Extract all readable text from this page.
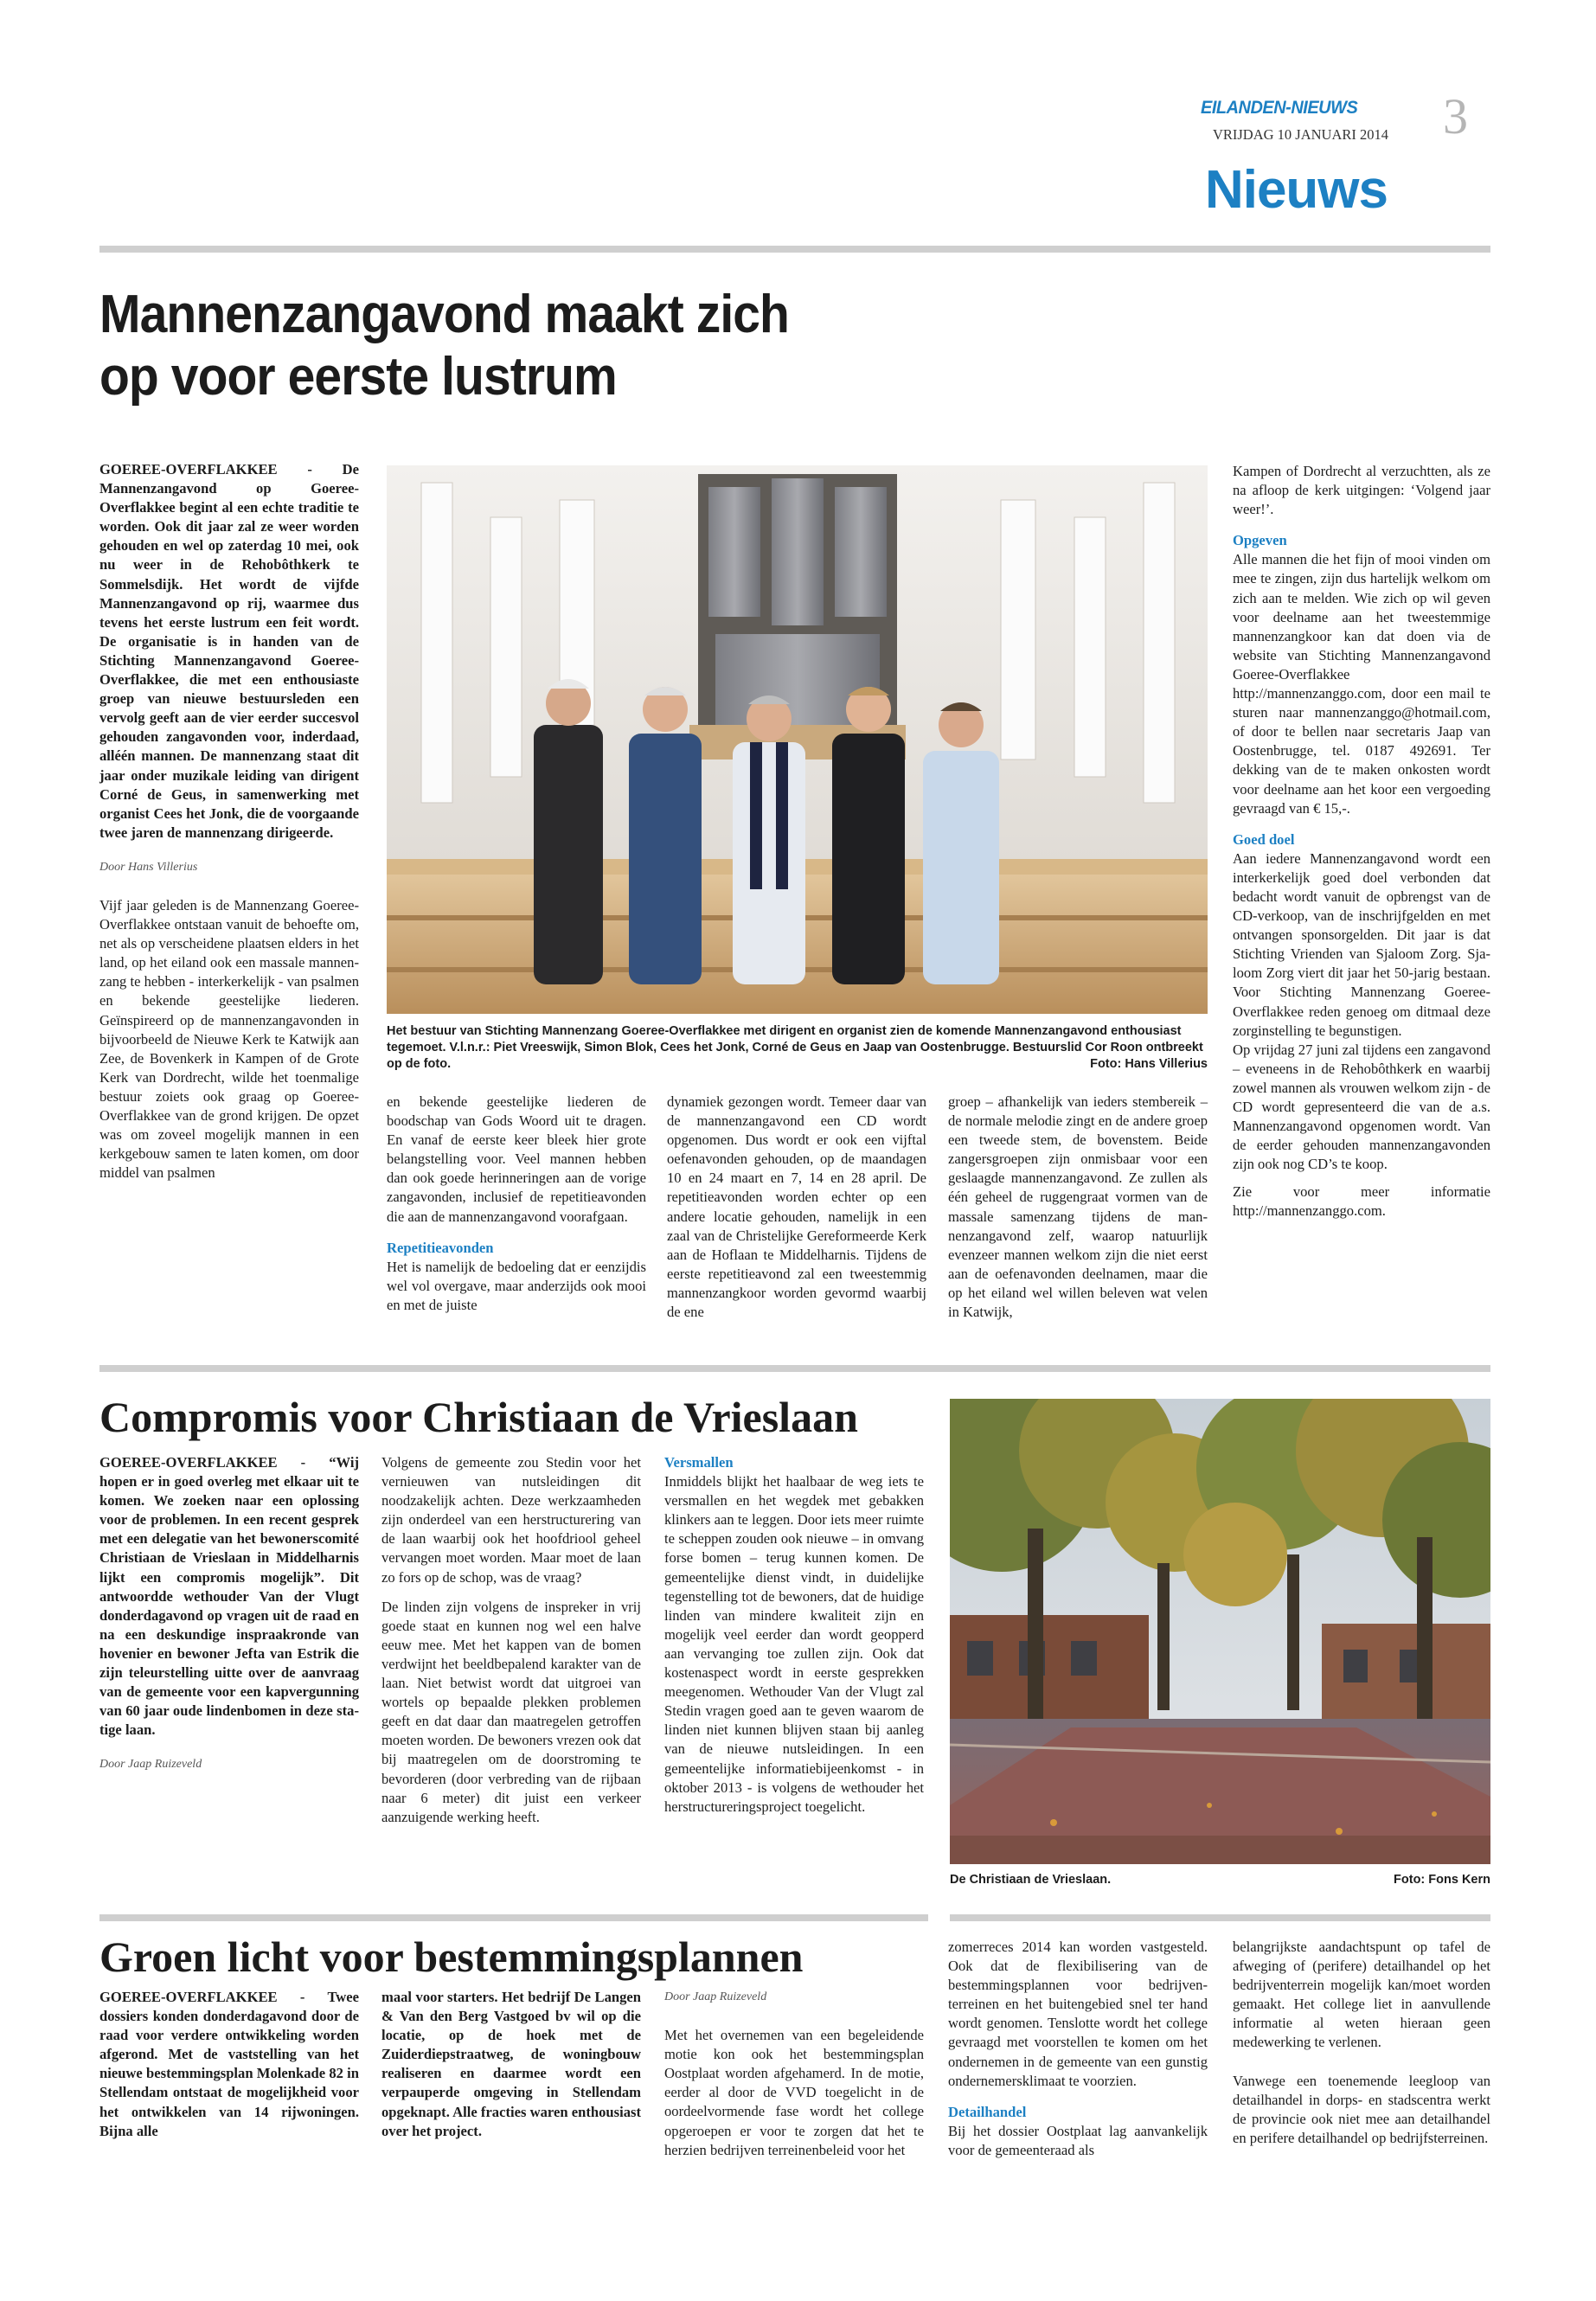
EILANDEN-NIEUWS
VRIJDAG 10 JANUARI 2014 3
Nieuws
Mannenzangavond maakt zich
op voor eerste lustrum

GOEREE-OVERFLAKKEE - De Mannenzangavond op Goeree-Overflakkee begint al een echte traditie te worden. Ook dit jaar zal ze weer worden gehouden en wel op zaterdag 10 mei, ook nu weer in de Rehobôthkerk te Sommelsdijk. Het wordt de vijfde Mannenzangavond op rij, waarmee dus tevens het eerste lustrum een feit wordt. De organisatie is in handen van de Stichting Mannenzangavond Goeree-Overflakkee, die met een enthousiaste groep van nieuwe bestuursleden een vervolg geeft aan de vier eerder succesvol gehouden zangavonden voor, inderdaad, alléén mannen. De mannenzang staat dit jaar onder muzikale leiding van dirigent Corné de Geus, in samenwerking met organist Cees het Jonk, die de voorgaande twee jaren de mannenzang dirigeerde.

Door Hans Villerius

Vijf jaar geleden is de Mannenzang Goeree-Overflakkee ontstaan vanuit de behoefte om, net als op verscheidene plaatsen elders in het land, op het eiland ook een massale mannenzang te hebben - interkerkelijk - van psalmen en bekende geestelijke liederen. Geïnspireerd op de mannenzangavonden in bijvoorbeeld de Nieuwe Kerk te Katwijk aan Zee, de Bovenkerk in Kampen of de Grote Kerk van Dordrecht, wilde het toenmalige bestuur zoiets ook graag op Goeree-Overflakkee van de grond krijgen. De opzet was om zoveel mogelijk mannen in een kerkgebouw samen te laten komen, om door middel van psalmen

Het bestuur van Stichting Mannenzang Goeree-Overflakkee met dirigent en organist zien de komende Mannenzangavond enthousiast tegemoet. V.l.n.r.: Piet Vreeswijk, Simon Blok, Cees het Jonk, Corné de Geus en Jaap van Oostenbrugge. Bestuurslid Cor Roon ontbreekt op de foto.	Foto: Hans Villerius

en bekende geestelijke liederen de boodschap van Gods Woord uit te dragen. En vanaf de eerste keer bleek hier grote belangstelling voor. Veel mannen hebben dan ook goede herinneringen aan de vorige zangavonden, inclusief de repetitieavonden die aan de mannenzangavond voorafgaan.

Repetitieavonden

Het is namelijk de bedoeling dat er eenzijdis wel vol overgave, maar anderzijds ook mooi en met de juiste

dynamiek gezongen wordt. Temeer daar van de mannenzangavond een CD wordt opgenomen. Dus wordt er ook een vijftal oefenavonden gehouden, op de maandagen 10 en 24 maart en 7, 14 en 28 april. De repetitieavonden worden echter op een andere locatie gehouden, namelijk in een zaal van de Christelijke Gereformeerde Kerk aan de Hoflaan te Middelharnis. Tijdens de eerste repetitieavond zal een tweestemmig mannenzangkoor worden gevormd waarbij de ene

groep – afhankelijk van ieders stembereik – de normale melodie zingt en de andere groep een tweede stem, de bovenstem. Beide zangersgroepen zijn onmisbaar voor een geslaagde mannenzangavond. Ze zullen als één geheel de ruggengraat vormen van de massale samenzang tijdens de mannenzangavond zelf, waarop natuurlijk evenzeer mannen welkom zijn die niet eerst aan de oefenavonden deelnamen, maar die op het eiland wel willen beleven wat velen in Katwijk,

Kampen of Dordrecht al verzuchtten, als ze na afloop de kerk uitgingen: ‘Volgend jaar weer!’.

Opgeven

Alle mannen die het fijn of mooi vinden om mee te zingen, zijn dus hartelijk welkom om zich aan te melden. Wie zich op wil geven voor deelname aan het tweestemmige mannenzangkoor kan dat doen via de website van Stichting Mannenzangavond Goeree-Overflakkee http://mannenzanggo.com, door een mail te sturen naar mannenzanggo@hotmail.com, of door te bellen naar secretaris Jaap van Oostenbrugge, tel. 0187 492691. Ter dekking van de te maken onkosten wordt voor deelname aan het koor een vergoeding gevraagd van € 15,-.

Goed doel

Aan iedere Mannenzangavond wordt een interkerkelijk goed doel verbonden dat bedacht wordt vanuit de opbrengst van de CD-verkoop, van de inschrijfgelden en met ontvangen sponsorgelden. Dit jaar is dat Stichting Vrienden van Sjaloom Zorg. Sjaloom Zorg viert dit jaar het 50-jarig bestaan. Voor Stichting Mannenzang Goeree-Overflakkee reden genoeg om ditmaal deze zorginstelling te begunstigen.

Op vrijdag 27 juni zal tijdens een zangavond – eveneens in de Rehobôthkerk en waarbij zowel mannen als vrouwen welkom zijn - de CD wordt gepresenteerd die van de a.s. Mannenzangavond opgenomen wordt. Van de eerder gehouden mannenzangavonden zijn ook nog CD’s te koop.

Zie voor meer informatie http://mannenzanggo.com.

Compromis voor Christiaan de Vrieslaan

GOEREE-OVERFLAKKEE - “Wij hopen er in goed overleg met elkaar uit te komen. We zoeken naar een oplossing voor de problemen. In een recent gesprek met een delegatie van het bewonerscomité Christiaan de Vrieslaan in Middelharnis lijkt een compromis mogelijk”. Dit antwoordde wethouder Van der Vlugt donderdagavond op vragen uit de raad en na een deskundige inspraakronde van hovenier en bewoner Jefta van Estrik die zijn teleurstelling uitte over de aanvraag van de gemeente voor een kapvergunning van 60 jaar oude lindenbomen in deze statige laan.

Door Jaap Ruizeveld

Volgens de gemeente zou Stedin voor het vernieuwen van nutsleidingen dit noodzakelijk achten. Deze werkzaamheden zijn onderdeel van een herstructurering van de laan waarbij ook het hoofdriool geheel vervangen moet worden. Maar moet de laan zo fors op de schop, was de vraag?

De linden zijn volgens de insprekеr in vrij goede staat en kunnen nog wel een halve eeuw mee. Met het kappen van de bomen verdwijnt het beeldbepalend karakter van de laan. Niet betwist wordt dat uitgroei van wortels op bepaalde plekken problemen geeft en dat daar dan maatregelen getroffen moeten worden. De bewoners vrezen ook dat bij maatregelen om de doorstroming te bevorderen (door verbreding van de rijbaan naar 6 meter) dit juist een verkeer aanzuigende werking heeft.

Versmallen

Inmiddels blijkt het haalbaar de weg iets te versmallen en het wegdek met gebakken klinkers aan te leggen. Door iets meer ruimte te scheppen zouden ook nieuwe – in omvang forse bomen – terug kunnen komen. De gemeentelijke dienst vindt, in duidelijke tegenstelling tot de bewoners, dat de huidige linden van mindere kwaliteit zijn en mogelijk veel eerder dan wordt geopperd aan vervanging toe zullen zijn. Ook dat kostenaspect wordt in eerste gesprekken meegenomen. Wethouder Van der Vlugt zal Stedin vragen goed aan te geven waarom de linden niet kunnen blijven staan bij aanleg van de nieuwe nutsleidingen. In een gemeentelijke informatiebijeenkomst - in oktober 2013 - is volgens de wethouder het herstructureringsproject toegelicht.

De Christiaan de Vrieslaan.	Foto: Fons Kern
Groen licht voor bestemmingsplannen

GOEREE-OVERFLAKKEE - Twee dossiers konden donderdagavond door de raad voor verdere ontwikkeling worden afgerond. Met de vaststelling van het nieuwe bestemmingsplan Molenkade 82 in Stellendam ontstaat de mogelijkheid voor het ontwikkelen van 14 rijwoningen. Bijna alle

maal voor starters. Het bedrijf De Langen & Van den Berg Vastgoed bv wil op die locatie, op de hoek met de Zuiderdiepstraatweg, de woningbouw realiseren en daarmee wordt een verpauperde omgeving in Stellendam opgeknapt. Alle fracties waren enthousiast over het project.

Door Jaap Ruizeveld

Met het overnemen van een begeleidende motie kon ook het bestemmingsplan Oostplaat worden afgehamerd. In de motie, eerder al door de VVD toegelicht in de oordeelvormende fase wordt het college opgeroepen er voor te zorgen dat het te herzien bedrijven terreinenbeleid voor het

zomerreces 2014 kan worden vastgesteld. Ook dat de flexibilisering van de bestemmingsplannen voor bedrijventerreinen en het buitengebied snel ter hand wordt genomen. Tenslotte wordt het college gevraagd met voorstellen te komen om het ondernemen in de gemeente van een gunstig ondernemersklimaat te voorzien.

Detailhandel

Bij het dossier Oostplaat lag aanvankelijk voor de gemeenteraad als

belangrijkste aandachtspunt op tafel de afweging of (perifere) detailhandel op het bedrijventerrein mogelijk kan/moet worden gemaakt. Het college liet in aanvullende informatie al weten hieraan geen medewerking te verlenen.

Vanwege een toenemende leegloop van detailhandel in dorps- en stadscentra werkt de provincie ook niet mee aan detailhandel en perifere detailhandel op bedrijfsterreinen.
